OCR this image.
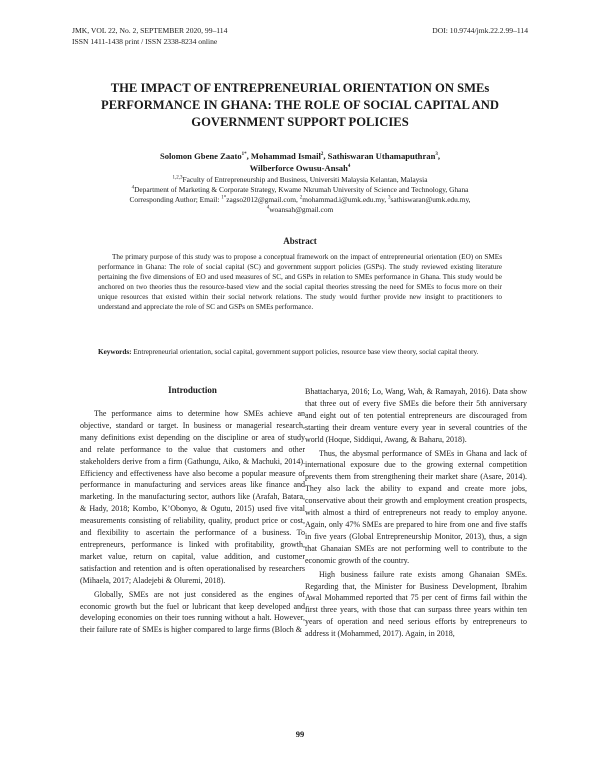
JMK, VOL 22, No. 2, SEPTEMBER 2020, 99–114
ISSN 1411-1438 print / ISSN 2338-8234 online
DOI: 10.9744/jmk.22.2.99–114
THE IMPACT OF ENTREPRENEURIAL ORIENTATION ON SMEs
PERFORMANCE IN GHANA: THE ROLE OF SOCIAL CAPITAL AND
GOVERNMENT SUPPORT POLICIES
Solomon Gbene Zaato$^{1*}$, Mohammad Ismail$^2$, Sathiswaran Uthamaputhran$^3$,
Wilberforce Owusu-Ansah$^4$
$^{1,2,3}$Faculty of Entrepreneurship and Business, Universiti Malaysia Kelantan, Malaysia
$^4$Department of Marketing & Corporate Strategy, Kwame Nkrumah University of Science and Technology, Ghana
Corresponding Author; Email: $^{1*}$zagso2012@gmail.com, $^2$mohammad.i@umk.edu.my, $^3$sathiswaran@umk.edu.my,
$^4$woansah@gmail.com
Abstract

The primary purpose of this study was to propose a conceptual framework on the impact of entrepreneurial orientation (EO) on SMEs performance in Ghana: The role of social capital (SC) and government support policies (GSPs). The study reviewed existing literature pertaining the five dimensions of EO and used measures of SC, and GSPs in relation to SMEs performance in Ghana. This study would be anchored on two theories thus the resource-based view and the social capital theories stressing the need for SMEs to focus more on their unique resources that existed within their social network relations. The study would further provide new insight to practitioners to understand and appreciate the role of SC and GSPs on SMEs performance.

Keywords: Entrepreneurial orientation, social capital, government support policies, resource base view theory, social capital theory.

Introduction

The performance aims to determine how SMEs achieve an objective, standard or target. In business or managerial research, many definitions exist depending on the discipline or area of study and relate performance to the value that customers and other stakeholders derive from a firm (Gathungu, Aiko, & Machuki, 2014). Efficiency and effectiveness have also become a popular measure of performance in manufacturing and services areas like finance and marketing. In the manufacturing sector, authors like (Arafah, Batara, & Hady, 2018; Kombo, K’Obonyo, & Ogutu, 2015) used five vital measurements consisting of reliability, quality, product price or cost, and flexibility to ascertain the performance of a business. To entrepreneurs, performance is linked with profitability, growth, market value, return on capital, value addition, and customer satisfaction and retention and is often operationalised by researchers (Mihaela, 2017; Aladejebi & Oluremi, 2018).

Globally, SMEs are not just considered as the engines of economic growth but the fuel or lubricant that keep developed and developing economies on their toes running without a halt. However, their failure rate of SMEs is higher compared to large firms (Bloch &

Bhattacharya, 2016; Lo, Wang, Wah, & Ramayah, 2016). Data show that three out of every five SMEs die before their 5th anniversary and eight out of ten potential entrepreneurs are discouraged from starting their dream venture every year in several countries of the world (Hoque, Siddiqui, Awang, & Baharu, 2018).

Thus, the abysmal performance of SMEs in Ghana and lack of international exposure due to the growing external competition prevents them from strengthening their market share (Asare, 2014). They also lack the ability to expand and create more jobs, conservative about their growth and employment creation prospects, with almost a third of entrepreneurs not ready to employ anyone. Again, only 47% SMEs are prepared to hire from one and five staffs in five years (Global Entrepreneurship Monitor, 2013), thus, a sign that Ghanaian SMEs are not performing well to contribute to the economic growth of the country.

High business failure rate exists among Ghanaian SMEs. Regarding that, the Minister for Business Development, Ibrahim Awal Mohammed reported that 75 per cent of firms fail within the first three years, with those that can surpass three years within ten years of operation and need serious efforts by entrepreneurs to address it (Mohammed, 2017). Again, in 2018,

99
